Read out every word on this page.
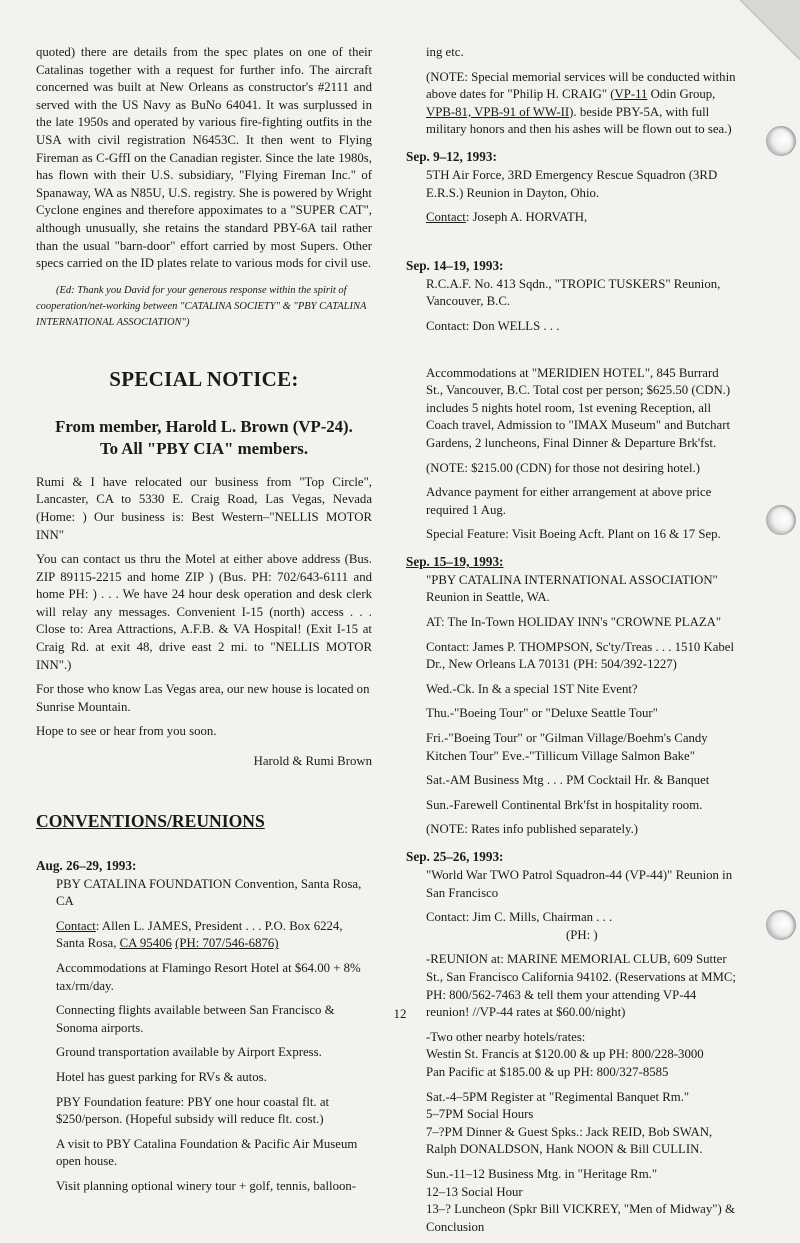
quoted) there are details from the spec plates on one of their Catalinas together with a request for further info. The aircraft concerned was built at New Orleans as constructor's #2111 and served with the US Navy as BuNo 64041. It was surplussed in the late 1950s and operated by various fire-fighting outfits in the USA with civil registration N6453C. It then went to Flying Fireman as C-GffI on the Canadian register. Since the late 1980s, has flown with their U.S. subsidiary, "Flying Fireman Inc." of Spanaway, WA as N85U, U.S. registry. She is powered by Wright Cyclone engines and therefore appoximates to a "SUPER CAT", although unusually, she retains the standard PBY-6A tail rather than the usual "barn-door" effort carried by most Supers. Other specs carried on the ID plates relate to various mods for civil use.

(Ed: Thank you David for your generous response within the spirit of cooperation/net-working between "CATALINA SOCIETY" & "PBY CATALINA INTERNATIONAL ASSOCIATION")

SPECIAL NOTICE:
From member, Harold L. Brown (VP-24).
To All "PBY CIA" members.

Rumi & I have relocated our business from "Top Circle", Lancaster, CA to 5330 E. Craig Road, Las Vegas, Nevada (Home: ) Our business is: Best Western–"NELLIS MOTOR INN"

You can contact us thru the Motel at either above address (Bus. ZIP 89115-2215 and home ZIP ) (Bus. PH: 702/643-6111 and home PH: ) . . . We have 24 hour desk operation and desk clerk will relay any messages. Convenient I-15 (north) access . . . Close to: Area Attractions, A.F.B. & VA Hospital! (Exit I-15 at Craig Rd. at exit 48, drive east 2 mi. to "NELLIS MOTOR INN".)

For those who know Las Vegas area, our new house is located on Sunrise Mountain.

Hope to see or hear from you soon.

Harold & Rumi Brown

CONVENTIONS/REUNIONS
Aug. 26–29, 1993:

PBY CATALINA FOUNDATION Convention, Santa Rosa, CA

Contact: Allen L. JAMES, President . . . P.O. Box 6224, Santa Rosa, CA 95406 (PH: 707/546-6876)

Accommodations at Flamingo Resort Hotel at $64.00 + 8% tax/rm/day.

Connecting flights available between San Francisco & Sonoma airports.

Ground transportation available by Airport Express.

Hotel has guest parking for RVs & autos.

PBY Foundation feature: PBY one hour coastal flt. at $250/person. (Hopeful subsidy will reduce flt. cost.)

A visit to PBY Catalina Foundation & Pacific Air Museum open house.

Visit planning optional winery tour + golf, tennis, balloon-

ing etc.

(NOTE: Special memorial services will be conducted within above dates for "Philip H. CRAIG" (VP-11 Odin Group, VPB-81, VPB-91 of WW-II). beside PBY-5A, with full military honors and then his ashes will be flown out to sea.)

Sep. 9–12, 1993:

5TH Air Force, 3RD Emergency Rescue Squadron (3RD E.R.S.) Reunion in Dayton, Ohio.

Contact: Joseph A. HORVATH,

Sep. 14–19, 1993:

R.C.A.F. No. 413 Sqdn., "TROPIC TUSKERS" Reunion, Vancouver, B.C.

Contact: Don WELLS . . .

Accommodations at "MERIDIEN HOTEL", 845 Burrard St., Vancouver, B.C. Total cost per person; $625.50 (CDN.) includes 5 nights hotel room, 1st evening Reception, all Coach travel, Admission to "IMAX Museum" and Butchart Gardens, 2 luncheons, Final Dinner & Departure Brk'fst.

(NOTE: $215.00 (CDN) for those not desiring hotel.)

Advance payment for either arrangement at above price required 1 Aug.

Special Feature: Visit Boeing Acft. Plant on 16 & 17 Sep.

Sep. 15–19, 1993:

"PBY CATALINA INTERNATIONAL ASSOCIATION" Reunion in Seattle, WA.

AT: The In-Town HOLIDAY INN's "CROWNE PLAZA"

Contact: James P. THOMPSON, Sc'ty/Treas . . . 1510 Kabel Dr., New Orleans LA 70131 (PH: 504/392-1227)

Wed.-Ck. In & a special 1ST Nite Event?

Thu.-"Boeing Tour" or "Deluxe Seattle Tour"

Fri.-"Boeing Tour" or "Gilman Village/Boehm's Candy Kitchen Tour" Eve.-"Tillicum Village Salmon Bake"

Sat.-AM Business Mtg . . . PM Cocktail Hr. & Banquet

Sun.-Farewell Continental Brk'fst in hospitality room.

(NOTE: Rates info published separately.)

Sep. 25–26, 1993:

"World War TWO Patrol Squadron-44 (VP-44)" Reunion in San Francisco

Contact: Jim C. Mills, Chairman . . .

(PH: )

-REUNION at: MARINE MEMORIAL CLUB, 609 Sutter St., San Francisco California 94102. (Reservations at MMC; PH: 800/562-7463 & tell them your attending VP-44 reunion! //VP-44 rates at $60.00/night)

-Two other nearby hotels/rates:
Westin St. Francis at $120.00 & up PH: 800/228-3000
Pan Pacific at $185.00 & up PH: 800/327-8585

Sat.-4–5PM Register at "Regimental Banquet Rm."
5–7PM Social Hours
7–?PM Dinner & Guest Spks.: Jack REID, Bob SWAN, Ralph DONALDSON, Hank NOON & Bill CULLIN.

Sun.-11–12 Business Mtg. in "Heritage Rm."
12–13 Social Hour
13–? Luncheon (Spkr Bill VICKREY, "Men of Midway") & Conclusion

12
